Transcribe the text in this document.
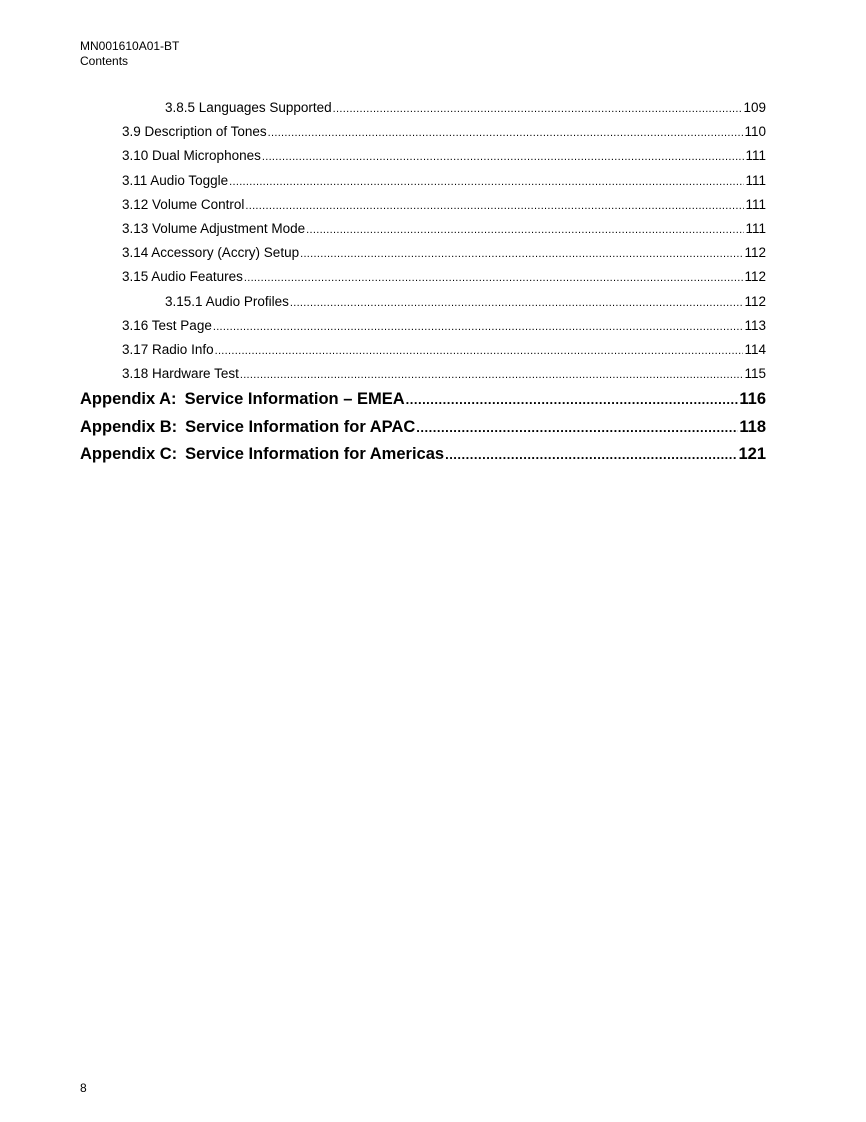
MN001610A01-BT
Contents
3.8.5 Languages Supported .....	109
3.9 Description of Tones .....	110
3.10 Dual Microphones .....	111
3.11 Audio Toggle .....	111
3.12 Volume Control .....	111
3.13 Volume Adjustment Mode .....	111
3.14 Accessory (Accry) Setup .....	112
3.15 Audio Features .....	112
3.15.1 Audio Profiles .....	112
3.16 Test Page .....	113
3.17 Radio Info .....	114
3.18 Hardware Test .....	115
Appendix A: Service Information – EMEA .....	116
Appendix B: Service Information for APAC .....	118
Appendix C: Service Information for Americas .....	121
8
